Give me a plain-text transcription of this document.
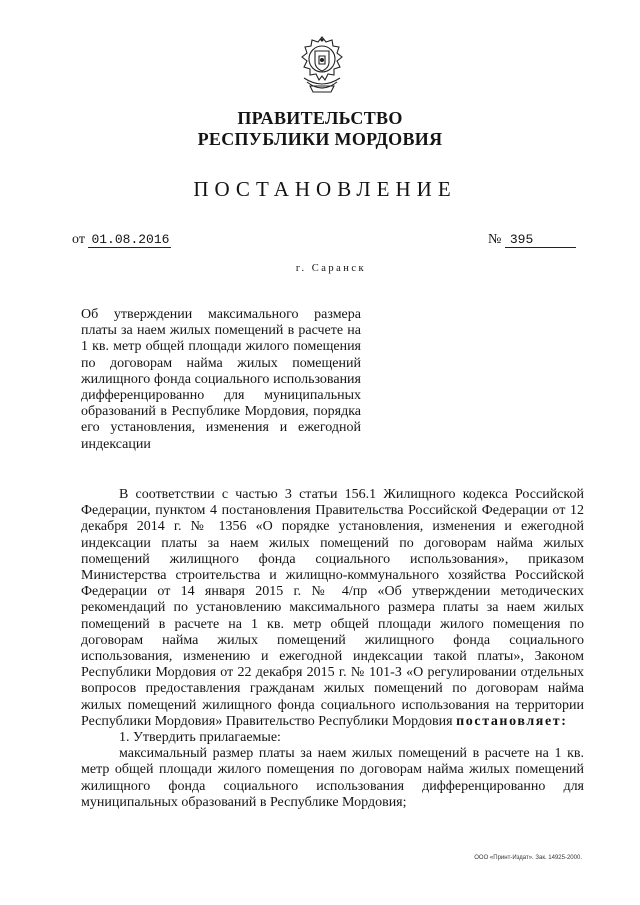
ПРАВИТЕЛЬСТВО
РЕСПУБЛИКИ МОРДОВИЯ
ПОСТАНОВЛЕНИЕ
от 01.08.2016	№ 395
г. Саранск
Об утверждении максимального размера платы за наем жилых помещений в расчете на 1 кв. метр общей площади жилого помещения по договорам найма жилых помещений жилищного фонда социального использования дифференцированно для муниципальных образований в Республике Мордовия, порядка его установления, изменения и ежегодной индексации

В соответствии с частью 3 статьи 156.1 Жилищного кодекса Российской Федерации, пунктом 4 постановления Правительства Российской Федерации от 12 декабря 2014 г. № 1356 «О порядке установления, изменения и ежегодной индексации платы за наем жилых помещений по договорам найма жилых помещений жилищного фонда социального использования», приказом Министерства строительства и жилищно-коммунального хозяйства Российской Федерации от 14 января 2015 г. № 4/пр «Об утверждении методических рекомендаций по установлению максимального размера платы за наем жилых помещений в расчете на 1 кв. метр общей площади жилого помещения по договорам найма жилых помещений жилищного фонда социального использования, изменению и ежегодной индексации такой платы», Законом Республики Мордовия от 22 декабря 2015 г. № 101-З «О регулировании отдельных вопросов предоставления гражданам жилых помещений по договорам найма жилых помещений жилищного фонда социального использования на территории Республики Мордовия» Правительство Республики Мордовия постановляет:

1. Утвердить прилагаемые:

максимальный размер платы за наем жилых помещений в расчете на 1 кв. метр общей площади жилого помещения по договорам найма жилых помещений жилищного фонда социального использования дифференцированно для муниципальных образований в Республике Мордовия;

ООО «Принт-Издат». Зак. 14925-2000.
